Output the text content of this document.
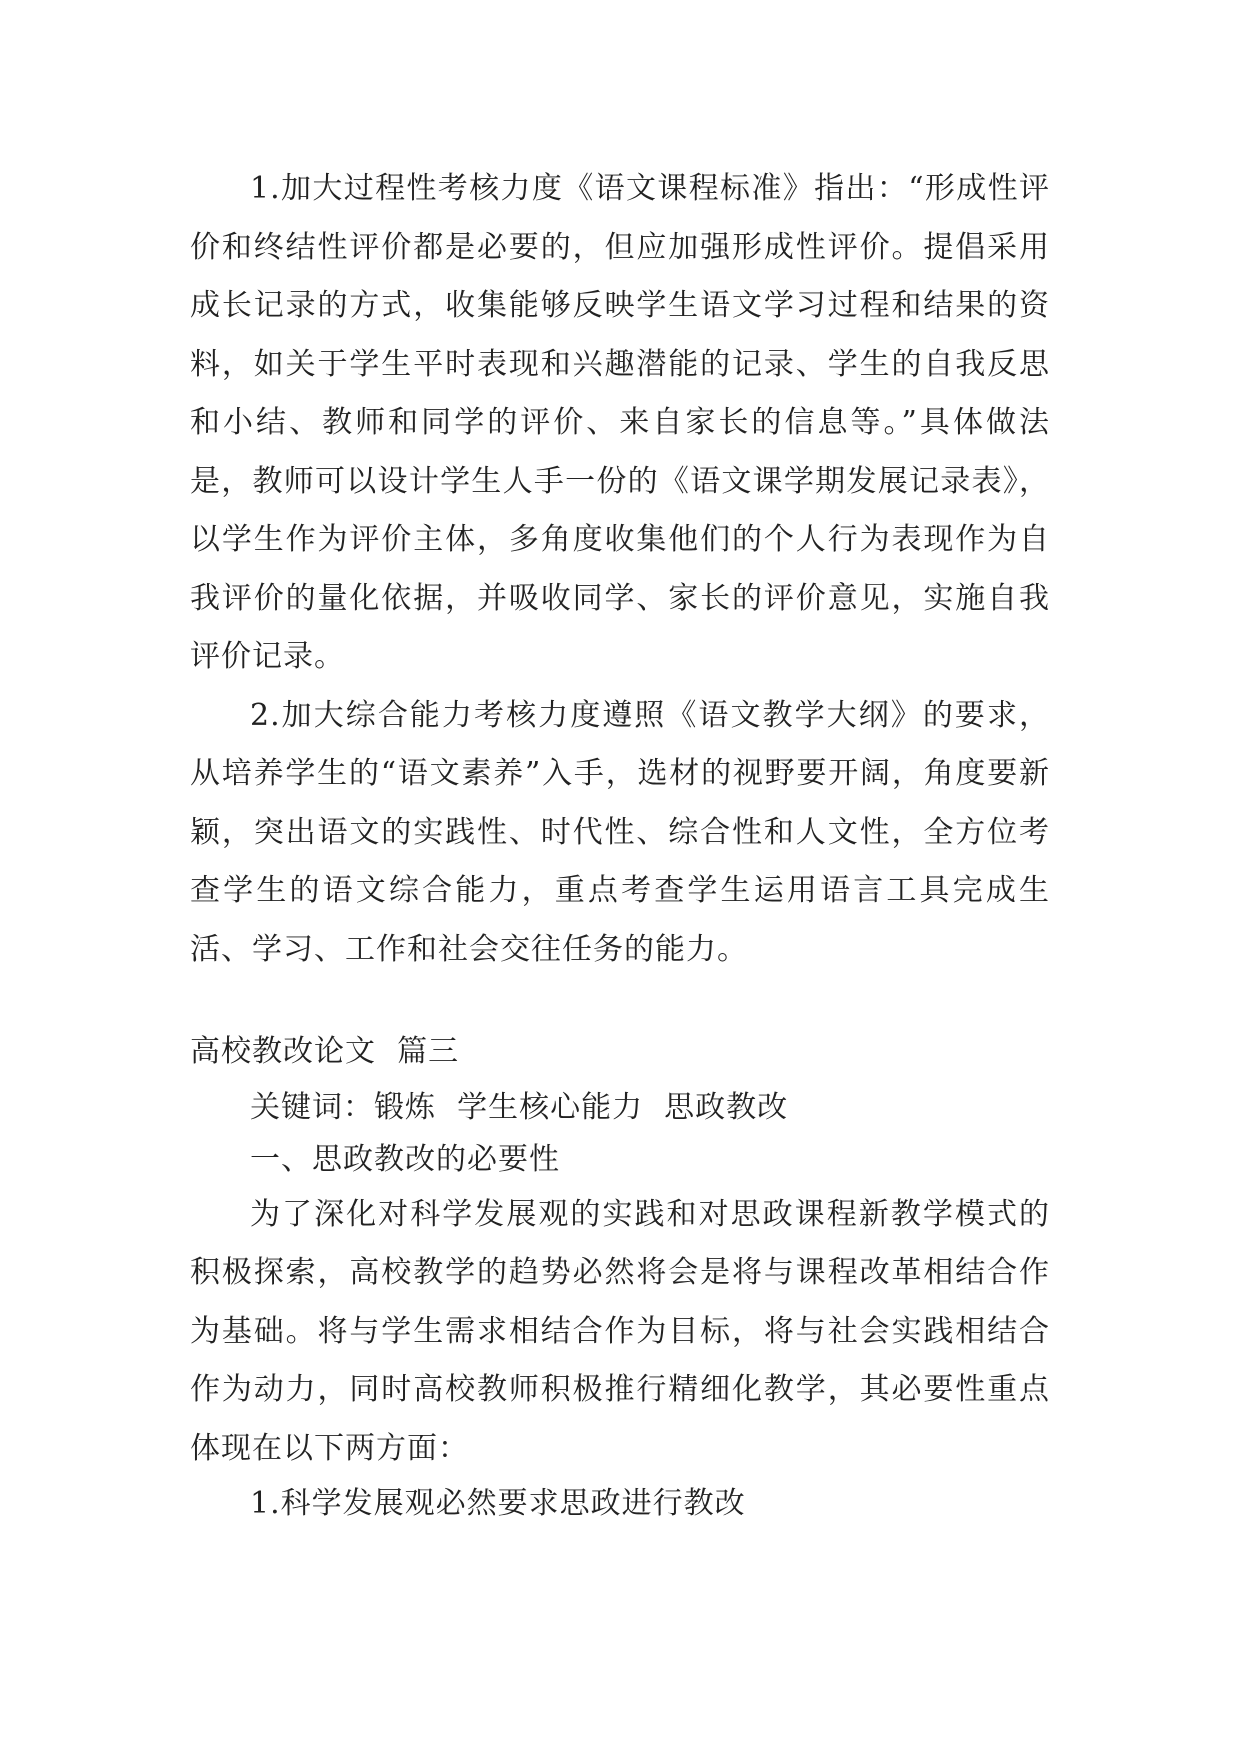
1.加大过程性考核力度《语文课程标准》指出：“形成性评价和终结性评价都是必要的，但应加强形成性评价。提倡采用成长记录的方式，收集能够反映学生语文学习过程和结果的资料，如关于学生平时表现和兴趣潜能的记录、学生的自我反思和小结、教师和同学的评价、来自家长的信息等。”具体做法是，教师可以设计学生人手一份的《语文课学期发展记录表》，以学生作为评价主体，多角度收集他们的个人行为表现作为自我评价的量化依据，并吸收同学、家长的评价意见，实施自我评价记录。

2.加大综合能力考核力度遵照《语文教学大纲》的要求，从培养学生的“语文素养”入手，选材的视野要开阔，角度要新颖，突出语文的实践性、时代性、综合性和人文性，全方位考查学生的语文综合能力，重点考查学生运用语言工具完成生活、学习、工作和社会交往任务的能力。

高校教改论文  篇三

关键词：锻炼  学生核心能力  思政教改

一、思政教改的必要性

为了深化对科学发展观的实践和对思政课程新教学模式的积极探索，高校教学的趋势必然将会是将与课程改革相结合作为基础。将与学生需求相结合作为目标，将与社会实践相结合作为动力，同时高校教师积极推行精细化教学，其必要性重点体现在以下两方面：

1.科学发展观必然要求思政进行教改
